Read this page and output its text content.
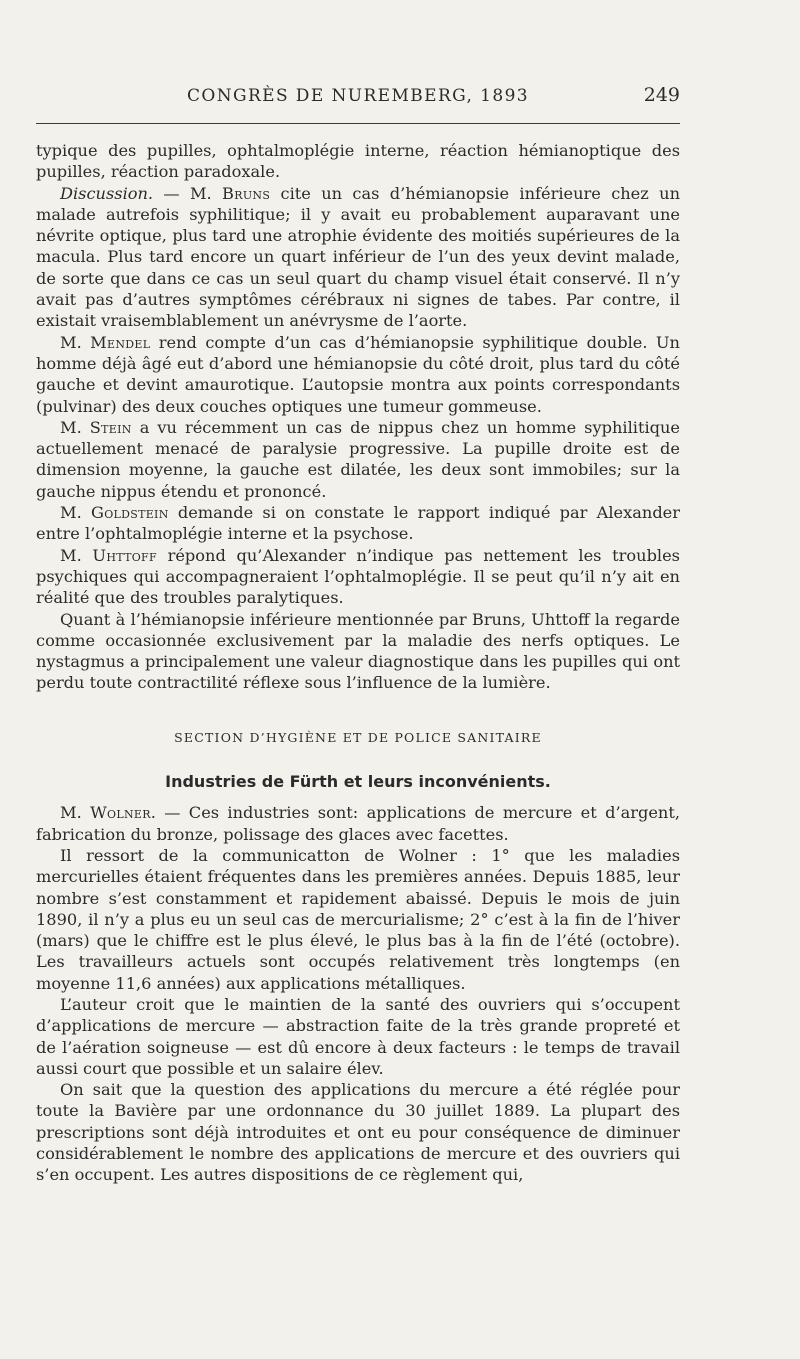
CONGRÈS DE NUREMBERG, 1893	249

typique des pupilles, ophtalmoplégie interne, réaction hémianoptique des pupilles, réaction paradoxale.

Discussion. — M. Bruns cite un cas d’hémianopsie inférieure chez un malade autrefois syphilitique; il y avait eu probablement auparavant une névrite optique, plus tard une atrophie évidente des moitiés supérieures de la macula. Plus tard encore un quart inférieur de l’un des yeux devint malade, de sorte que dans ce cas un seul quart du champ visuel était conservé. Il n’y avait pas d’autres symptômes cérébraux ni signes de tabes. Par contre, il existait vraisemblablement un anévrysme de l’aorte.

M. Mendel rend compte d’un cas d’hémianopsie syphilitique double. Un homme déjà âgé eut d’abord une hémianopsie du côté droit, plus tard du côté gauche et devint amaurotique. L’autopsie montra aux points correspondants (pulvinar) des deux couches optiques une tumeur gommeuse.

M. Stein a vu récemment un cas de nippus chez un homme syphilitique actuellement menacé de paralysie progressive. La pupille droite est de dimension moyenne, la gauche est dilatée, les deux sont immobiles; sur la gauche nippus étendu et prononcé.

M. Goldstein demande si on constate le rapport indiqué par Alexander entre l’ophtalmoplégie interne et la psychose.

M. Uhttoff répond qu’Alexander n’indique pas nettement les troubles psychiques qui accompagneraient l’ophtalmoplégie. Il se peut qu’il n’y ait en réalité que des troubles paralytiques.

Quant à l’hémianopsie inférieure mentionnée par Bruns, Uhttoff la regarde comme occasionnée exclusivement par la maladie des nerfs optiques. Le nystagmus a principalement une valeur diagnostique dans les pupilles qui ont perdu toute contractilité réflexe sous l’influence de la lumière.

SECTION D’HYGIÈNE ET DE POLICE SANITAIRE
Industries de Fürth et leurs inconvénients.

M. Wolner. — Ces industries sont: applications de mercure et d’argent, fabrication du bronze, polissage des glaces avec facettes.

Il ressort de la communicatton de Wolner : 1° que les maladies mercurielles étaient fréquentes dans les premières années. Depuis 1885, leur nombre s’est constamment et rapidement abaissé. Depuis le mois de juin 1890, il n’y a plus eu un seul cas de mercurialisme; 2° c’est à la fin de l’hiver (mars) que le chiffre est le plus élevé, le plus bas à la fin de l’été (octobre). Les travailleurs actuels sont occupés relativement très longtemps (en moyenne 11,6 années) aux applications métalliques.

L’auteur croit que le maintien de la santé des ouvriers qui s’occupent d’applications de mercure — abstraction faite de la très grande propreté et de l’aération soigneuse — est dû encore à deux facteurs : le temps de travail aussi court que possible et un salaire élev.

On sait que la question des applications du mercure a été réglée pour toute la Bavière par une ordonnance du 30 juillet 1889. La plupart des prescriptions sont déjà introduites et ont eu pour conséquence de diminuer considérablement le nombre des applications de mercure et des ouvriers qui s’en occupent. Les autres dispositions de ce règlement qui,
